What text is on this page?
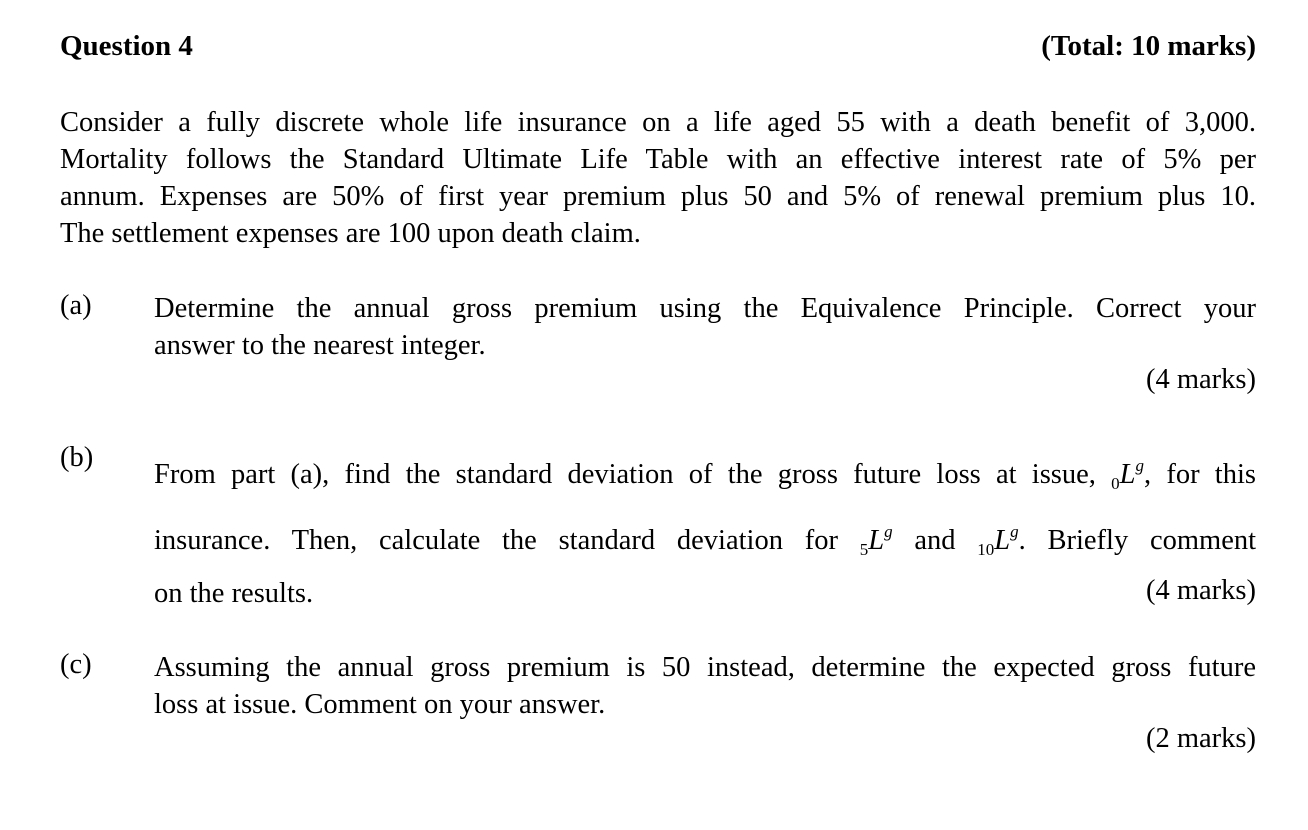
Question 4	(Total: 10 marks)
Consider a fully discrete whole life insurance on a life aged 55 with a death benefit of 3,000.
Mortality follows the Standard Ultimate Life Table with an effective interest rate of 5% per
annum. Expenses are 50% of first year premium plus 50 and 5% of renewal premium plus 10.
The settlement expenses are 100 upon death claim.
(a) Determine the annual gross premium using the Equivalence Principle. Correct your
answer to the nearest integer.
(4 marks)
(b)
From part (a), find the standard deviation of the gross future loss at issue, $_0L^g$, for this
insurance. Then, calculate the standard deviation for $_5L^g$ and $_{10}L^g$. Briefly comment
on the results.	(4 marks)
(c) Assuming the annual gross premium is 50 instead, determine the expected gross future
loss at issue. Comment on your answer.
(2 marks)
